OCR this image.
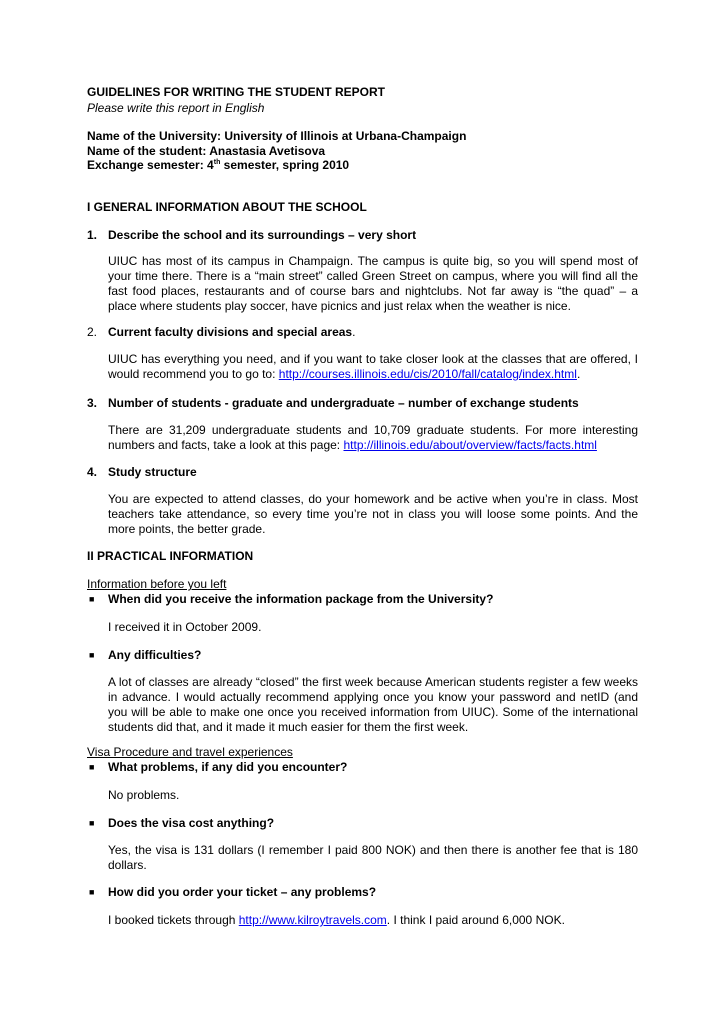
GUIDELINES FOR WRITING THE STUDENT REPORT
Please write this report in English
Name of the University: University of Illinois at Urbana-Champaign
Name of the student: Anastasia Avetisova
Exchange semester: 4th semester, spring 2010
I GENERAL INFORMATION ABOUT THE SCHOOL
1. Describe the school and its surroundings – very short
UIUC has most of its campus in Champaign. The campus is quite big, so you will spend most of your time there. There is a “main street” called Green Street on campus, where you will find all the fast food places, restaurants and of course bars and nightclubs. Not far away is “the quad” – a place where students play soccer, have picnics and just relax when the weather is nice.
2. Current faculty divisions and special areas.
UIUC has everything you need, and if you want to take closer look at the classes that are offered, I would recommend you to go to: http://courses.illinois.edu/cis/2010/fall/catalog/index.html.
3. Number of students - graduate and undergraduate – number of exchange students
There are 31,209 undergraduate students and 10,709 graduate students. For more interesting numbers and facts, take a look at this page: http://illinois.edu/about/overview/facts/facts.html
4. Study structure
You are expected to attend classes, do your homework and be active when you’re in class. Most teachers take attendance, so every time you’re not in class you will loose some points. And the more points, the better grade.
II PRACTICAL INFORMATION
Information before you left
■ When did you receive the information package from the University?
I received it in October 2009.
■ Any difficulties?
A lot of classes are already “closed” the first week because American students register a few weeks in advance. I would actually recommend applying once you know your password and netID (and you will be able to make one once you received information from UIUC). Some of the international students did that, and it made it much easier for them the first week.
Visa Procedure and travel experiences
■ What problems, if any did you encounter?
No problems.
■ Does the visa cost anything?
Yes, the visa is 131 dollars (I remember I paid 800 NOK) and then there is another fee that is 180 dollars.
■ How did you order your ticket – any problems?
I booked tickets through http://www.kilroytravels.com. I think I paid around 6,000 NOK.
